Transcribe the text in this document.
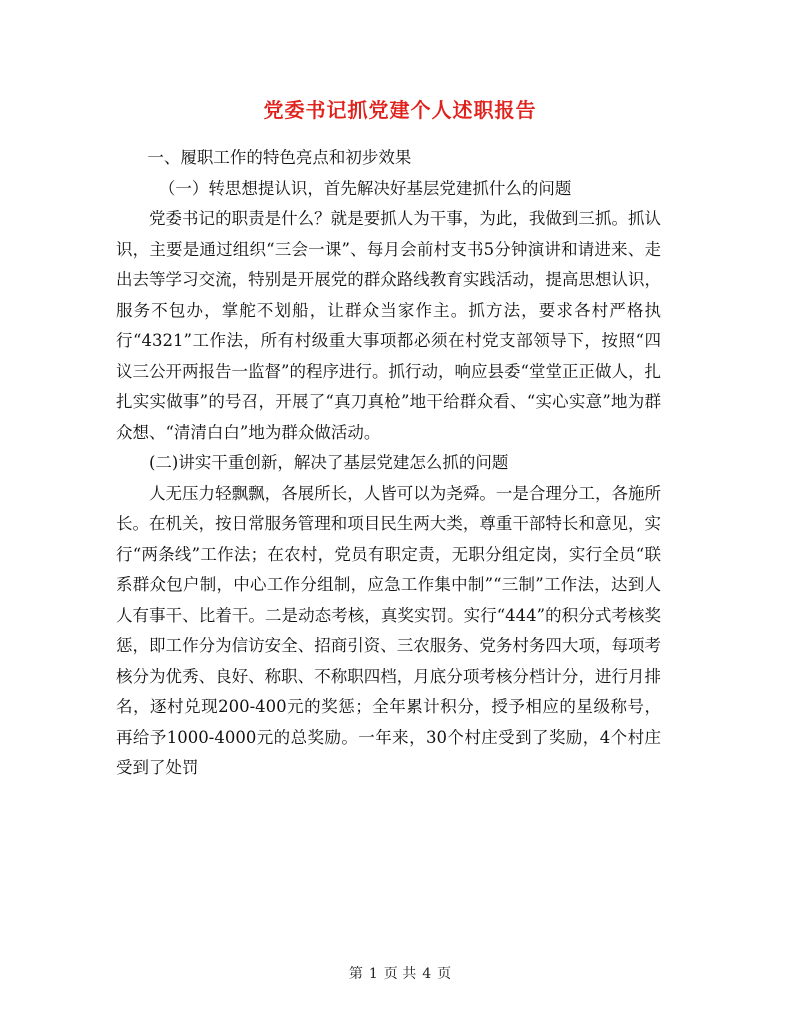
党委书记抓党建个人述职报告

一、履职工作的特色亮点和初步效果

（一）转思想提认识，首先解决好基层党建抓什么的问题

党委书记的职责是什么？就是要抓人为干事，为此，我做到三抓。抓认识，主要是通过组织“三会一课”、每月会前村支书5分钟演讲和请进来、走出去等学习交流，特别是开展党的群众路线教育实践活动，提高思想认识，服务不包办，掌舵不划船，让群众当家作主。抓方法，要求各村严格执行“4321”工作法，所有村级重大事项都必须在村党支部领导下，按照“四议三公开两报告一监督”的程序进行。抓行动，响应县委“堂堂正正做人，扎扎实实做事”的号召，开展了“真刀真枪”地干给群众看、“实心实意”地为群众想、“清清白白”地为群众做活动。

(二)讲实干重创新，解决了基层党建怎么抓的问题

人无压力轻飘飘，各展所长，人皆可以为尧舜。一是合理分工，各施所长。在机关，按日常服务管理和项目民生两大类，尊重干部特长和意见，实行“两条线”工作法；在农村，党员有职定责，无职分组定岗，实行全员“联系群众包户制，中心工作分组制，应急工作集中制”“三制”工作法，达到人人有事干、比着干。二是动态考核，真奖实罚。实行“444”的积分式考核奖惩，即工作分为信访安全、招商引资、三农服务、党务村务四大项，每项考核分为优秀、良好、称职、不称职四档，月底分项考核分档计分，进行月排名，逐村兑现200-400元的奖惩；全年累计积分，授予相应的星级称号，再给予1000-4000元的总奖励。一年来，30个村庄受到了奖励，4个村庄受到了处罚

第 1 页 共 4 页
